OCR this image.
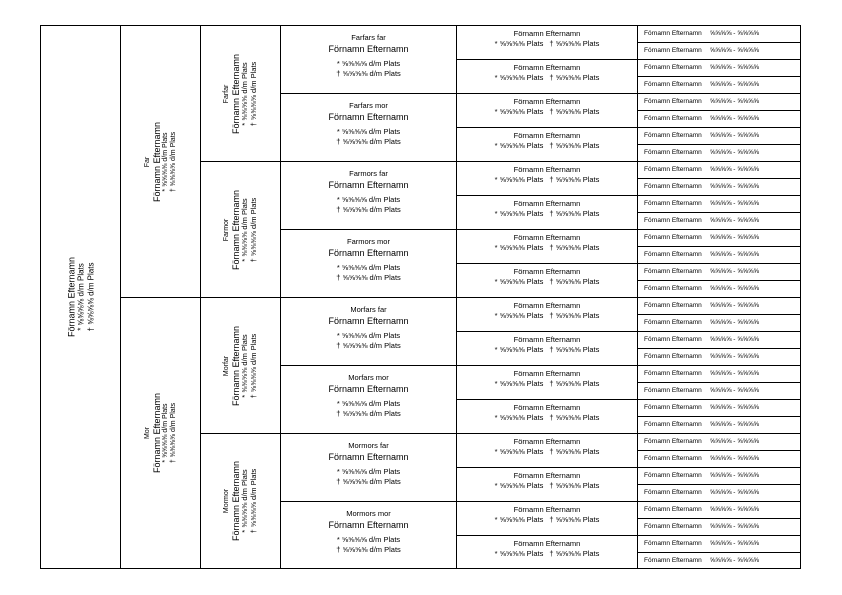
Förnamn Efternamn * ⅝⅝⅝⅝ d/m Plats † ⅝⅝⅝⅝ d/m Plats
Far Förnamn Efternamn * ⅝⅝⅝⅝ d/m Plats † ⅝⅝⅝⅝ d/m Plats
Mor Förnamn Efternamn * ⅝⅝⅝⅝ d/m Plats † ⅝⅝⅝⅝ d/m Plats
Farfar Förnamn Efternamn * ⅝⅝⅝⅝ d/m Plats † ⅝⅝⅝⅝ d/m Plats
Farmor Förnamn Efternamn * ⅝⅝⅝⅝ d/m Plats † ⅝⅝⅝⅝ d/m Plats
Morfar Förnamn Efternamn * ⅝⅝⅝⅝ d/m Plats † ⅝⅝⅝⅝ d/m Plats
Mormor Förnamn Efternamn * ⅝⅝⅝⅝ d/m Plats † ⅝⅝⅝⅝ d/m Plats
Farfars far
Förnamn Efternamn
* ⅝⅝⅝⅝ d/m Plats
† ⅝⅝⅝⅝ d/m Plats
Farfars mor
Förnamn Efternamn
* ⅝⅝⅝⅝ d/m Plats
† ⅝⅝⅝⅝ d/m Plats
Farmors far
Förnamn Efternamn
* ⅝⅝⅝⅝ d/m Plats
† ⅝⅝⅝⅝ d/m Plats
Farmors mor
Förnamn Efternamn
* ⅝⅝⅝⅝ d/m Plats
† ⅝⅝⅝⅝ d/m Plats
Morfars far
Förnamn Efternamn
* ⅝⅝⅝⅝ d/m Plats
† ⅝⅝⅝⅝ d/m Plats
Morfars mor
Förnamn Efternamn
* ⅝⅝⅝⅝ d/m Plats
† ⅝⅝⅝⅝ d/m Plats
Mormors far
Förnamn Efternamn
* ⅝⅝⅝⅝ d/m Plats
† ⅝⅝⅝⅝ d/m Plats
Mormors mor
Förnamn Efternamn
* ⅝⅝⅝⅝ d/m Plats
† ⅝⅝⅝⅝ d/m Plats
Förnamn Efternamn
* ⅝⅝⅝⅝ Plats † ⅝⅝⅝⅝ Plats
Förnamn Efternamn
* ⅝⅝⅝⅝ Plats † ⅝⅝⅝⅝ Plats
Förnamn Efternamn
* ⅝⅝⅝⅝ Plats † ⅝⅝⅝⅝ Plats
Förnamn Efternamn
* ⅝⅝⅝⅝ Plats † ⅝⅝⅝⅝ Plats
Förnamn Efternamn
* ⅝⅝⅝⅝ Plats † ⅝⅝⅝⅝ Plats
Förnamn Efternamn
* ⅝⅝⅝⅝ Plats † ⅝⅝⅝⅝ Plats
Förnamn Efternamn
* ⅝⅝⅝⅝ Plats † ⅝⅝⅝⅝ Plats
Förnamn Efternamn
* ⅝⅝⅝⅝ Plats † ⅝⅝⅝⅝ Plats
Förnamn Efternamn
* ⅝⅝⅝⅝ Plats † ⅝⅝⅝⅝ Plats
Förnamn Efternamn
* ⅝⅝⅝⅝ Plats † ⅝⅝⅝⅝ Plats
Förnamn Efternamn
* ⅝⅝⅝⅝ Plats † ⅝⅝⅝⅝ Plats
Förnamn Efternamn
* ⅝⅝⅝⅝ Plats † ⅝⅝⅝⅝ Plats
Förnamn Efternamn
* ⅝⅝⅝⅝ Plats † ⅝⅝⅝⅝ Plats
Förnamn Efternamn
* ⅝⅝⅝⅝ Plats † ⅝⅝⅝⅝ Plats
Förnamn Efternamn
* ⅝⅝⅝⅝ Plats † ⅝⅝⅝⅝ Plats
Förnamn Efternamn
* ⅝⅝⅝⅝ Plats † ⅝⅝⅝⅝ Plats
Förnamn Efternamn ⅝⅝⅝⅝ - ⅝⅝⅝⅝
Förnamn Efternamn ⅝⅝⅝⅝ - ⅝⅝⅝⅝
Förnamn Efternamn ⅝⅝⅝⅝ - ⅝⅝⅝⅝
Förnamn Efternamn ⅝⅝⅝⅝ - ⅝⅝⅝⅝
Förnamn Efternamn ⅝⅝⅝⅝ - ⅝⅝⅝⅝
Förnamn Efternamn ⅝⅝⅝⅝ - ⅝⅝⅝⅝
Förnamn Efternamn ⅝⅝⅝⅝ - ⅝⅝⅝⅝
Förnamn Efternamn ⅝⅝⅝⅝ - ⅝⅝⅝⅝
Förnamn Efternamn ⅝⅝⅝⅝ - ⅝⅝⅝⅝
Förnamn Efternamn ⅝⅝⅝⅝ - ⅝⅝⅝⅝
Förnamn Efternamn ⅝⅝⅝⅝ - ⅝⅝⅝⅝
Förnamn Efternamn ⅝⅝⅝⅝ - ⅝⅝⅝⅝
Förnamn Efternamn ⅝⅝⅝⅝ - ⅝⅝⅝⅝
Förnamn Efternamn ⅝⅝⅝⅝ - ⅝⅝⅝⅝
Förnamn Efternamn ⅝⅝⅝⅝ - ⅝⅝⅝⅝
Förnamn Efternamn ⅝⅝⅝⅝ - ⅝⅝⅝⅝
Förnamn Efternamn ⅝⅝⅝⅝ - ⅝⅝⅝⅝
Förnamn Efternamn ⅝⅝⅝⅝ - ⅝⅝⅝⅝
Förnamn Efternamn ⅝⅝⅝⅝ - ⅝⅝⅝⅝
Förnamn Efternamn ⅝⅝⅝⅝ - ⅝⅝⅝⅝
Förnamn Efternamn ⅝⅝⅝⅝ - ⅝⅝⅝⅝
Förnamn Efternamn ⅝⅝⅝⅝ - ⅝⅝⅝⅝
Förnamn Efternamn ⅝⅝⅝⅝ - ⅝⅝⅝⅝
Förnamn Efternamn ⅝⅝⅝⅝ - ⅝⅝⅝⅝
Förnamn Efternamn ⅝⅝⅝⅝ - ⅝⅝⅝⅝
Förnamn Efternamn ⅝⅝⅝⅝ - ⅝⅝⅝⅝
Förnamn Efternamn ⅝⅝⅝⅝ - ⅝⅝⅝⅝
Förnamn Efternamn ⅝⅝⅝⅝ - ⅝⅝⅝⅝
Förnamn Efternamn ⅝⅝⅝⅝ - ⅝⅝⅝⅝
Förnamn Efternamn ⅝⅝⅝⅝ - ⅝⅝⅝⅝
Förnamn Efternamn ⅝⅝⅝⅝ - ⅝⅝⅝⅝
Förnamn Efternamn ⅝⅝⅝⅝ - ⅝⅝⅝⅝
